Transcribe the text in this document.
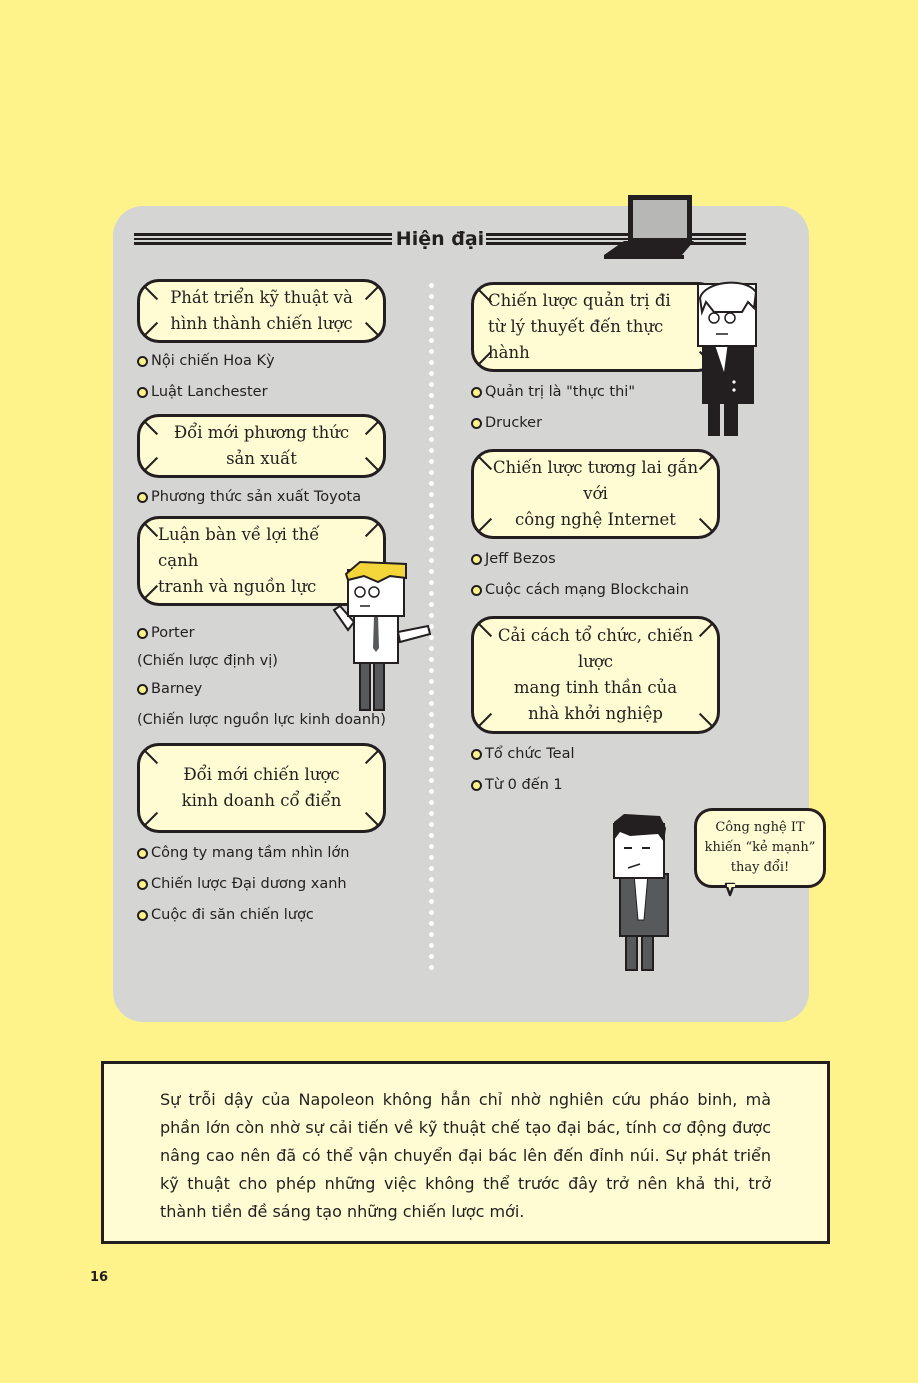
Hiện đại
Phát triển kỹ thuật và
hình thành chiến lược
Nội chiến Hoa Kỳ
Luật Lanchester
Đổi mới phương thức
sản xuất
Phương thức sản xuất Toyota
Luận bàn về lợi thế cạnh
tranh và nguồn lực
Porter
(Chiến lược định vị)
Barney
(Chiến lược nguồn lực kinh doanh)
Đổi mới chiến lược
kinh doanh cổ điển
Công ty mang tầm nhìn lớn
Chiến lược Đại dương xanh
Cuộc đi săn chiến lược
Chiến lược quản trị đi
từ lý thuyết đến thực hành
Quản trị là "thực thi"
Drucker
Chiến lược tương lai gắn với
công nghệ Internet
Jeff Bezos
Cuộc cách mạng Blockchain
Cải cách tổ chức, chiến lược
mang tinh thần của
nhà khởi nghiệp
Tổ chức Teal
Từ 0 đến 1
Công nghệ IT
khiến “kẻ mạnh”
thay đổi!
Sự trỗi dậy của Napoleon không hẳn chỉ nhờ nghiên cứu pháo binh, mà phần lớn còn nhờ sự cải tiến về kỹ thuật chế tạo đại bác, tính cơ động được nâng cao nên đã có thể vận chuyển đại bác lên đến đỉnh núi. Sự phát triển kỹ thuật cho phép những việc không thể trước đây trở nên khả thi, trở thành tiền đề sáng tạo những chiến lược mới.
16
